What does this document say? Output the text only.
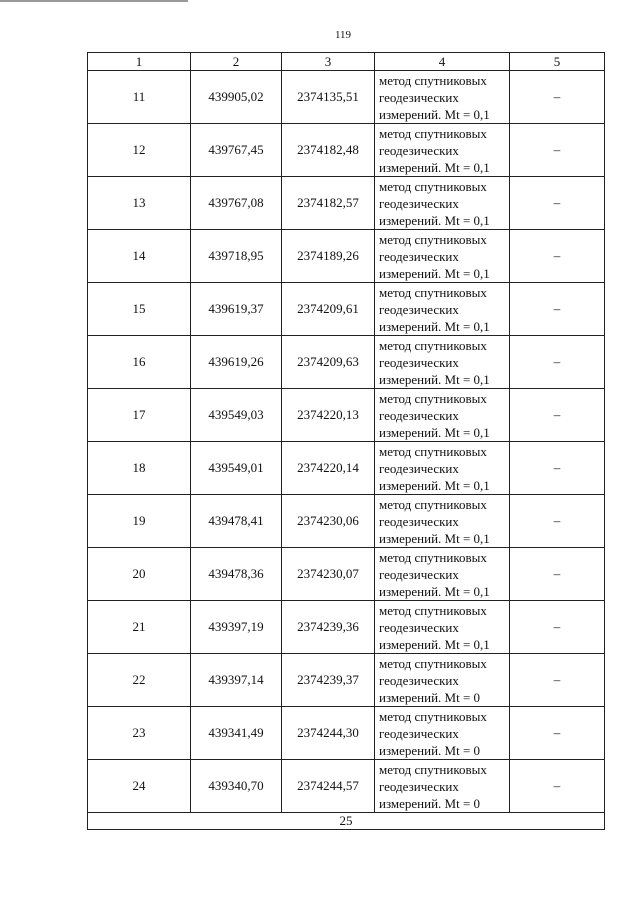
119
1	2	3	4	5
11	439905,02	2374135,51	метод спутниковых
геодезических
измерений. Mt = 0,1	–
12	439767,45	2374182,48	метод спутниковых
геодезических
измерений. Mt = 0,1	–
13	439767,08	2374182,57	метод спутниковых
геодезических
измерений. Mt = 0,1	–
14	439718,95	2374189,26	метод спутниковых
геодезических
измерений. Mt = 0,1	–
15	439619,37	2374209,61	метод спутниковых
геодезических
измерений. Mt = 0,1	–
16	439619,26	2374209,63	метод спутниковых
геодезических
измерений. Mt = 0,1	–
17	439549,03	2374220,13	метод спутниковых
геодезических
измерений. Mt = 0,1	–
18	439549,01	2374220,14	метод спутниковых
геодезических
измерений. Mt = 0,1	–
19	439478,41	2374230,06	метод спутниковых
геодезических
измерений. Mt = 0,1	–
20	439478,36	2374230,07	метод спутниковых
геодезических
измерений. Mt = 0,1	–
21	439397,19	2374239,36	метод спутниковых
геодезических
измерений. Mt = 0,1	–
22	439397,14	2374239,37	метод спутниковых
геодезических
измерений. Mt = 0	–
23	439341,49	2374244,30	метод спутниковых
геодезических
измерений. Mt = 0	–
24	439340,70	2374244,57	метод спутниковых
геодезических
измерений. Mt = 0	–
25				
